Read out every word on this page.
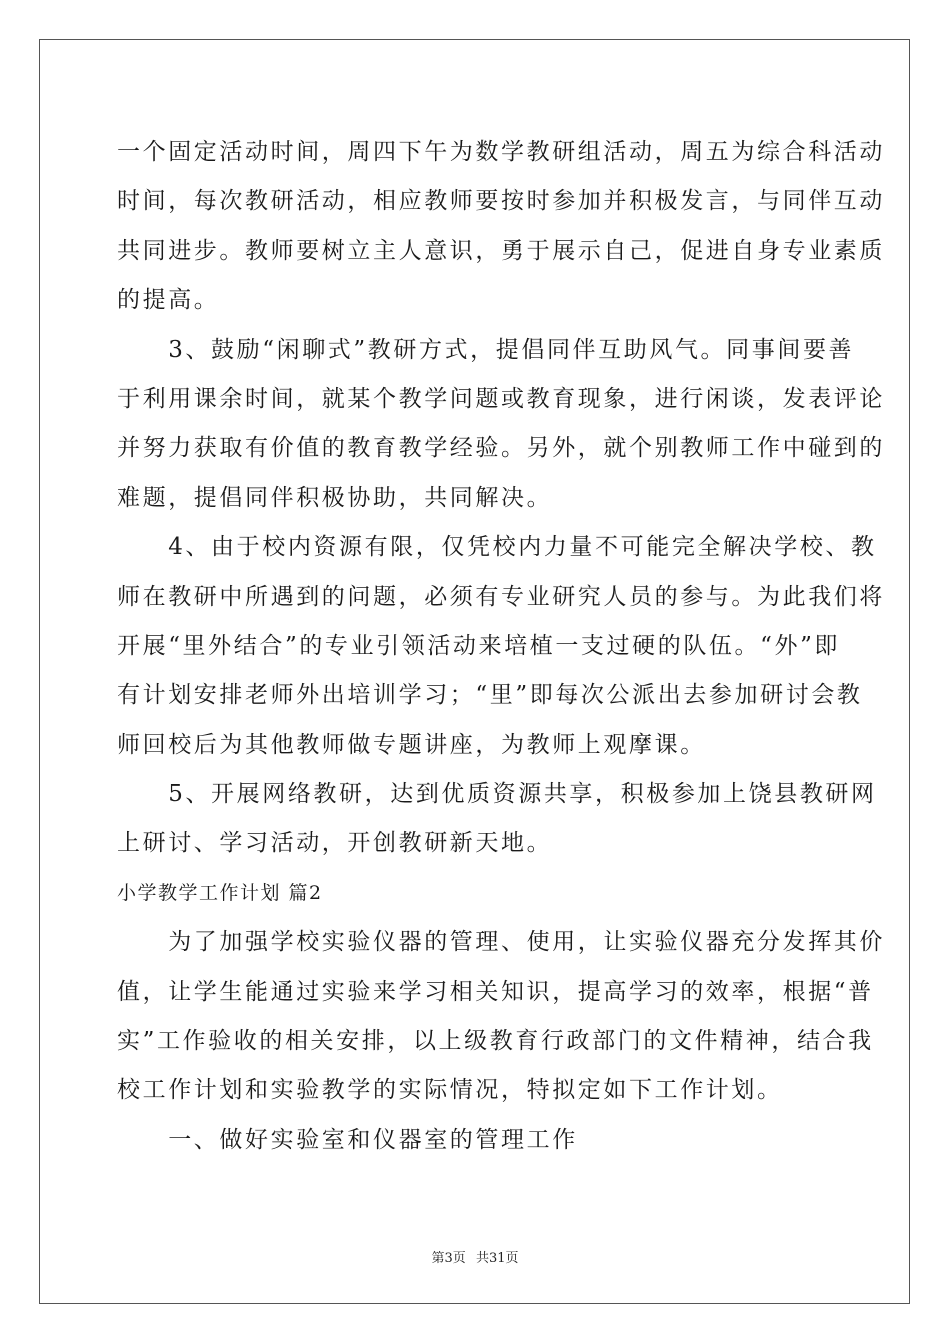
一个固定活动时间，周四下午为数学教研组活动，周五为综合科活动
时间，每次教研活动，相应教师要按时参加并积极发言，与同伴互动
共同进步。教师要树立主人意识，勇于展示自己，促进自身专业素质
的提高。
　　3、鼓励“闲聊式”教研方式，提倡同伴互助风气。同事间要善
于利用课余时间，就某个教学问题或教育现象，进行闲谈，发表评论
并努力获取有价值的教育教学经验。另外，就个别教师工作中碰到的
难题，提倡同伴积极协助，共同解决。
　　4、由于校内资源有限，仅凭校内力量不可能完全解决学校、教
师在教研中所遇到的问题，必须有专业研究人员的参与。为此我们将
开展“里外结合”的专业引领活动来培植一支过硬的队伍。“外”即
有计划安排老师外出培训学习；“里”即每次公派出去参加研讨会教
师回校后为其他教师做专题讲座，为教师上观摩课。
　　5、开展网络教研，达到优质资源共享，积极参加上饶县教研网
上研讨、学习活动，开创教研新天地。
小学教学工作计划 篇2
　　为了加强学校实验仪器的管理、使用，让实验仪器充分发挥其价
值，让学生能通过实验来学习相关知识，提高学习的效率，根据“普
实”工作验收的相关安排，以上级教育行政部门的文件精神，结合我
校工作计划和实验教学的实际情况，特拟定如下工作计划。
　　一、做好实验室和仪器室的管理工作
第3页 共31页
